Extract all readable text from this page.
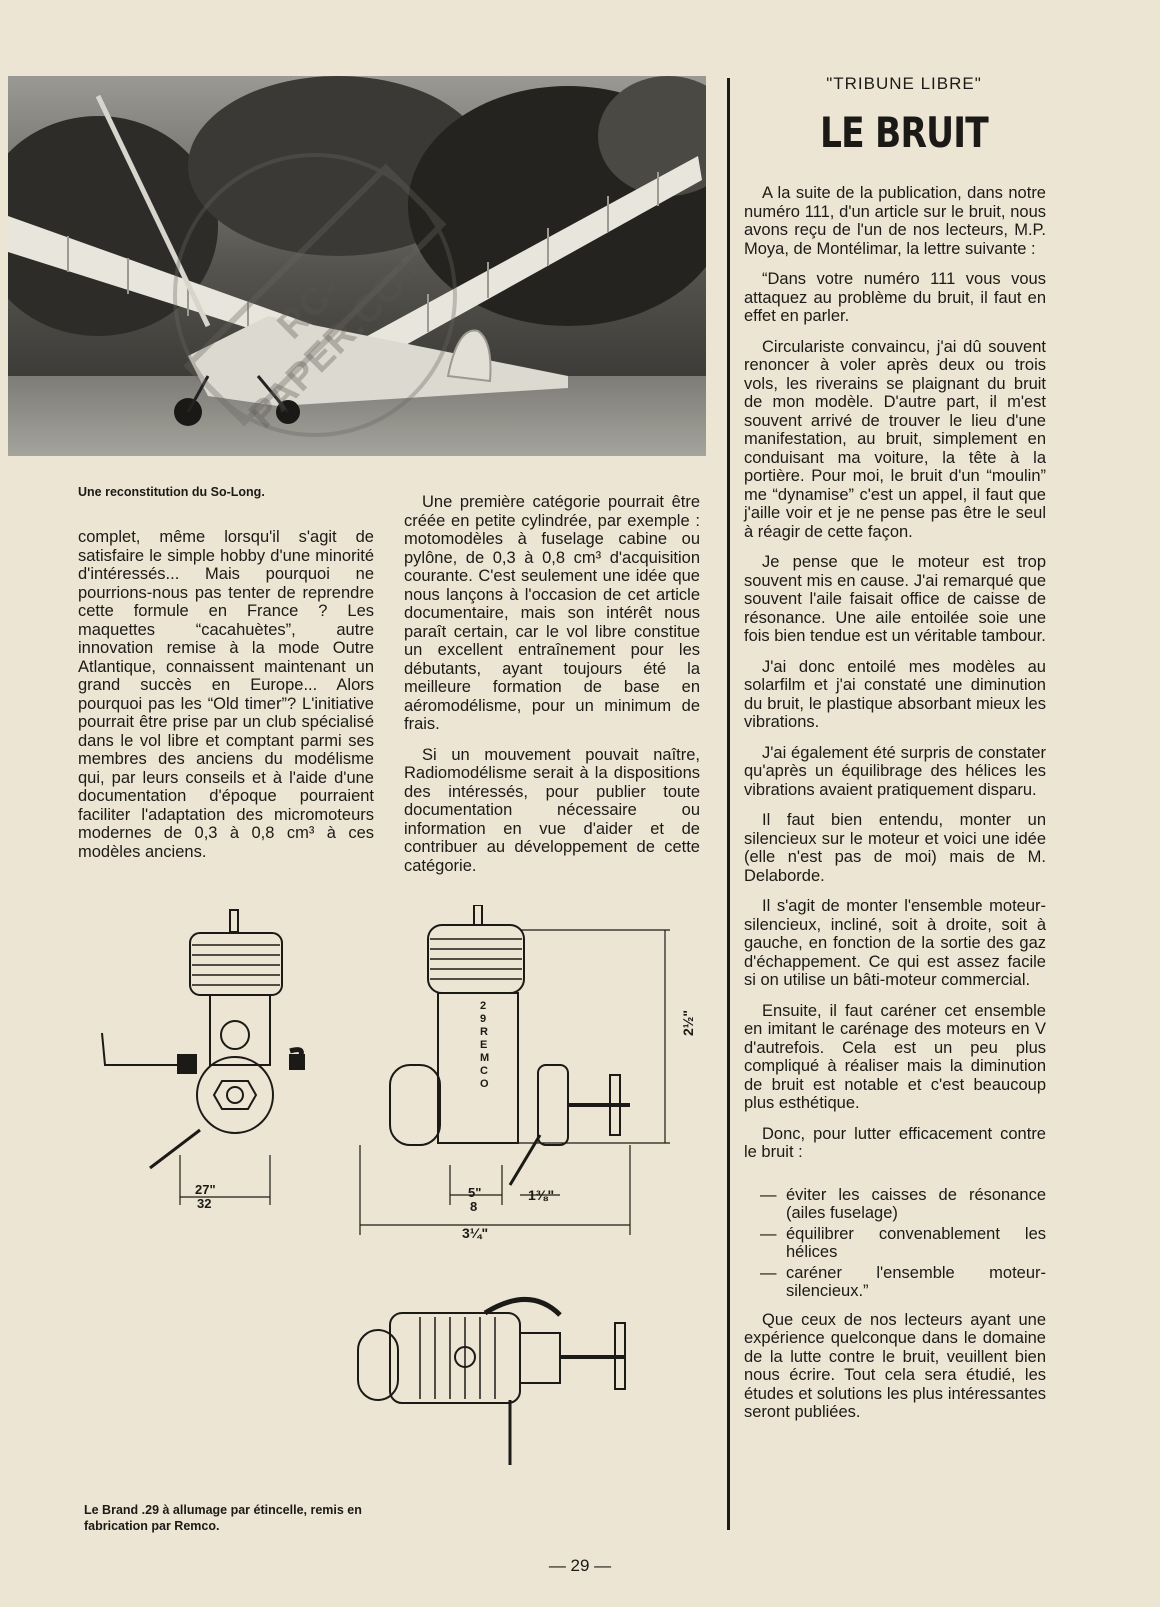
RC-PAPER.COM
Une reconstitution du So-Long.

complet, même lorsqu'il s'agit de satisfaire le simple hobby d'une minorité d'intéressés... Mais pourquoi ne pourrions-nous pas tenter de reprendre cette formule en France ? Les maquettes “cacahuètes”, autre innovation remise à la mode Outre Atlantique, connaissent maintenant un grand succès en Europe... Alors pourquoi pas les “Old timer”? L'initiative pourrait être prise par un club spécialisé dans le vol libre et comptant parmi ses membres des anciens du modélisme qui, par leurs conseils et à l'aide d'une documentation d'époque pourraient faciliter l'adaptation des micromoteurs modernes de 0,3 à 0,8 cm³ à ces modèles anciens.

Une première catégorie pourrait être créée en petite cylindrée, par exemple : motomodèles à fuselage cabine ou pylône, de 0,3 à 0,8 cm³ d'acquisition courante. C'est seulement une idée que nous lançons à l'occasion de cet article documentaire, mais son intérêt nous paraît certain, car le vol libre constitue un excellent entraînement pour les débutants, ayant toujours été la meilleure formation de base en aéromodélisme, pour un minimum de frais.

Si un mouvement pouvait naître, Radiomodélisme serait à la dispositions des intéressés, pour publier toute documentation nécessaire ou information en vue d'aider et de contribuer au développement de cette catégorie.

27"
32
2½"
5"
8
1⅜"
3¼"
29 REMCO
Le Brand .29 à allumage par étincelle, remis en fabrication par Remco.
"TRIBUNE LIBRE"
LE BRUIT

A la suite de la publication, dans notre numéro 111, d'un article sur le bruit, nous avons reçu de l'un de nos lecteurs, M.P. Moya, de Montélimar, la lettre suivante :

“Dans votre numéro 111 vous vous attaquez au problème du bruit, il faut en effet en parler.

Circulariste convaincu, j'ai dû souvent renoncer à voler après deux ou trois vols, les riverains se plaignant du bruit de mon modèle. D'autre part, il m'est souvent arrivé de trouver le lieu d'une manifestation, au bruit, simplement en conduisant ma voiture, la tête à la portière. Pour moi, le bruit d'un “moulin” me “dynamise” c'est un appel, il faut que j'aille voir et je ne pense pas être le seul à réagir de cette façon.

Je pense que le moteur est trop souvent mis en cause. J'ai remarqué que souvent l'aile faisait office de caisse de résonance. Une aile entoilée soie une fois bien tendue est un véritable tambour.

J'ai donc entoilé mes modèles au solarfilm et j'ai constaté une diminution du bruit, le plastique absorbant mieux les vibrations.

J'ai également été surpris de constater qu'après un équilibrage des hélices les vibrations avaient pratiquement disparu.

Il faut bien entendu, monter un silencieux sur le moteur et voici une idée (elle n'est pas de moi) mais de M. Delaborde.

Il s'agit de monter l'ensemble moteur-silencieux, incliné, soit à droite, soit à gauche, en fonction de la sortie des gaz d'échappement. Ce qui est assez facile si on utilise un bâti-moteur commercial.

Ensuite, il faut caréner cet ensemble en imitant le carénage des moteurs en V d'autrefois. Cela est un peu plus compliqué à réaliser mais la diminution de bruit est notable et c'est beaucoup plus esthétique.

Donc, pour lutter efficacement contre le bruit :

— éviter les caisses de résonance (ailes fuselage)
— équilibrer convenablement les hélices
— caréner l'ensemble moteur-silencieux.”

Que ceux de nos lecteurs ayant une expérience quelconque dans le domaine de la lutte contre le bruit, veuillent bien nous écrire. Tout cela sera étudié, les études et solutions les plus intéressantes seront publiées.

— 29 —
